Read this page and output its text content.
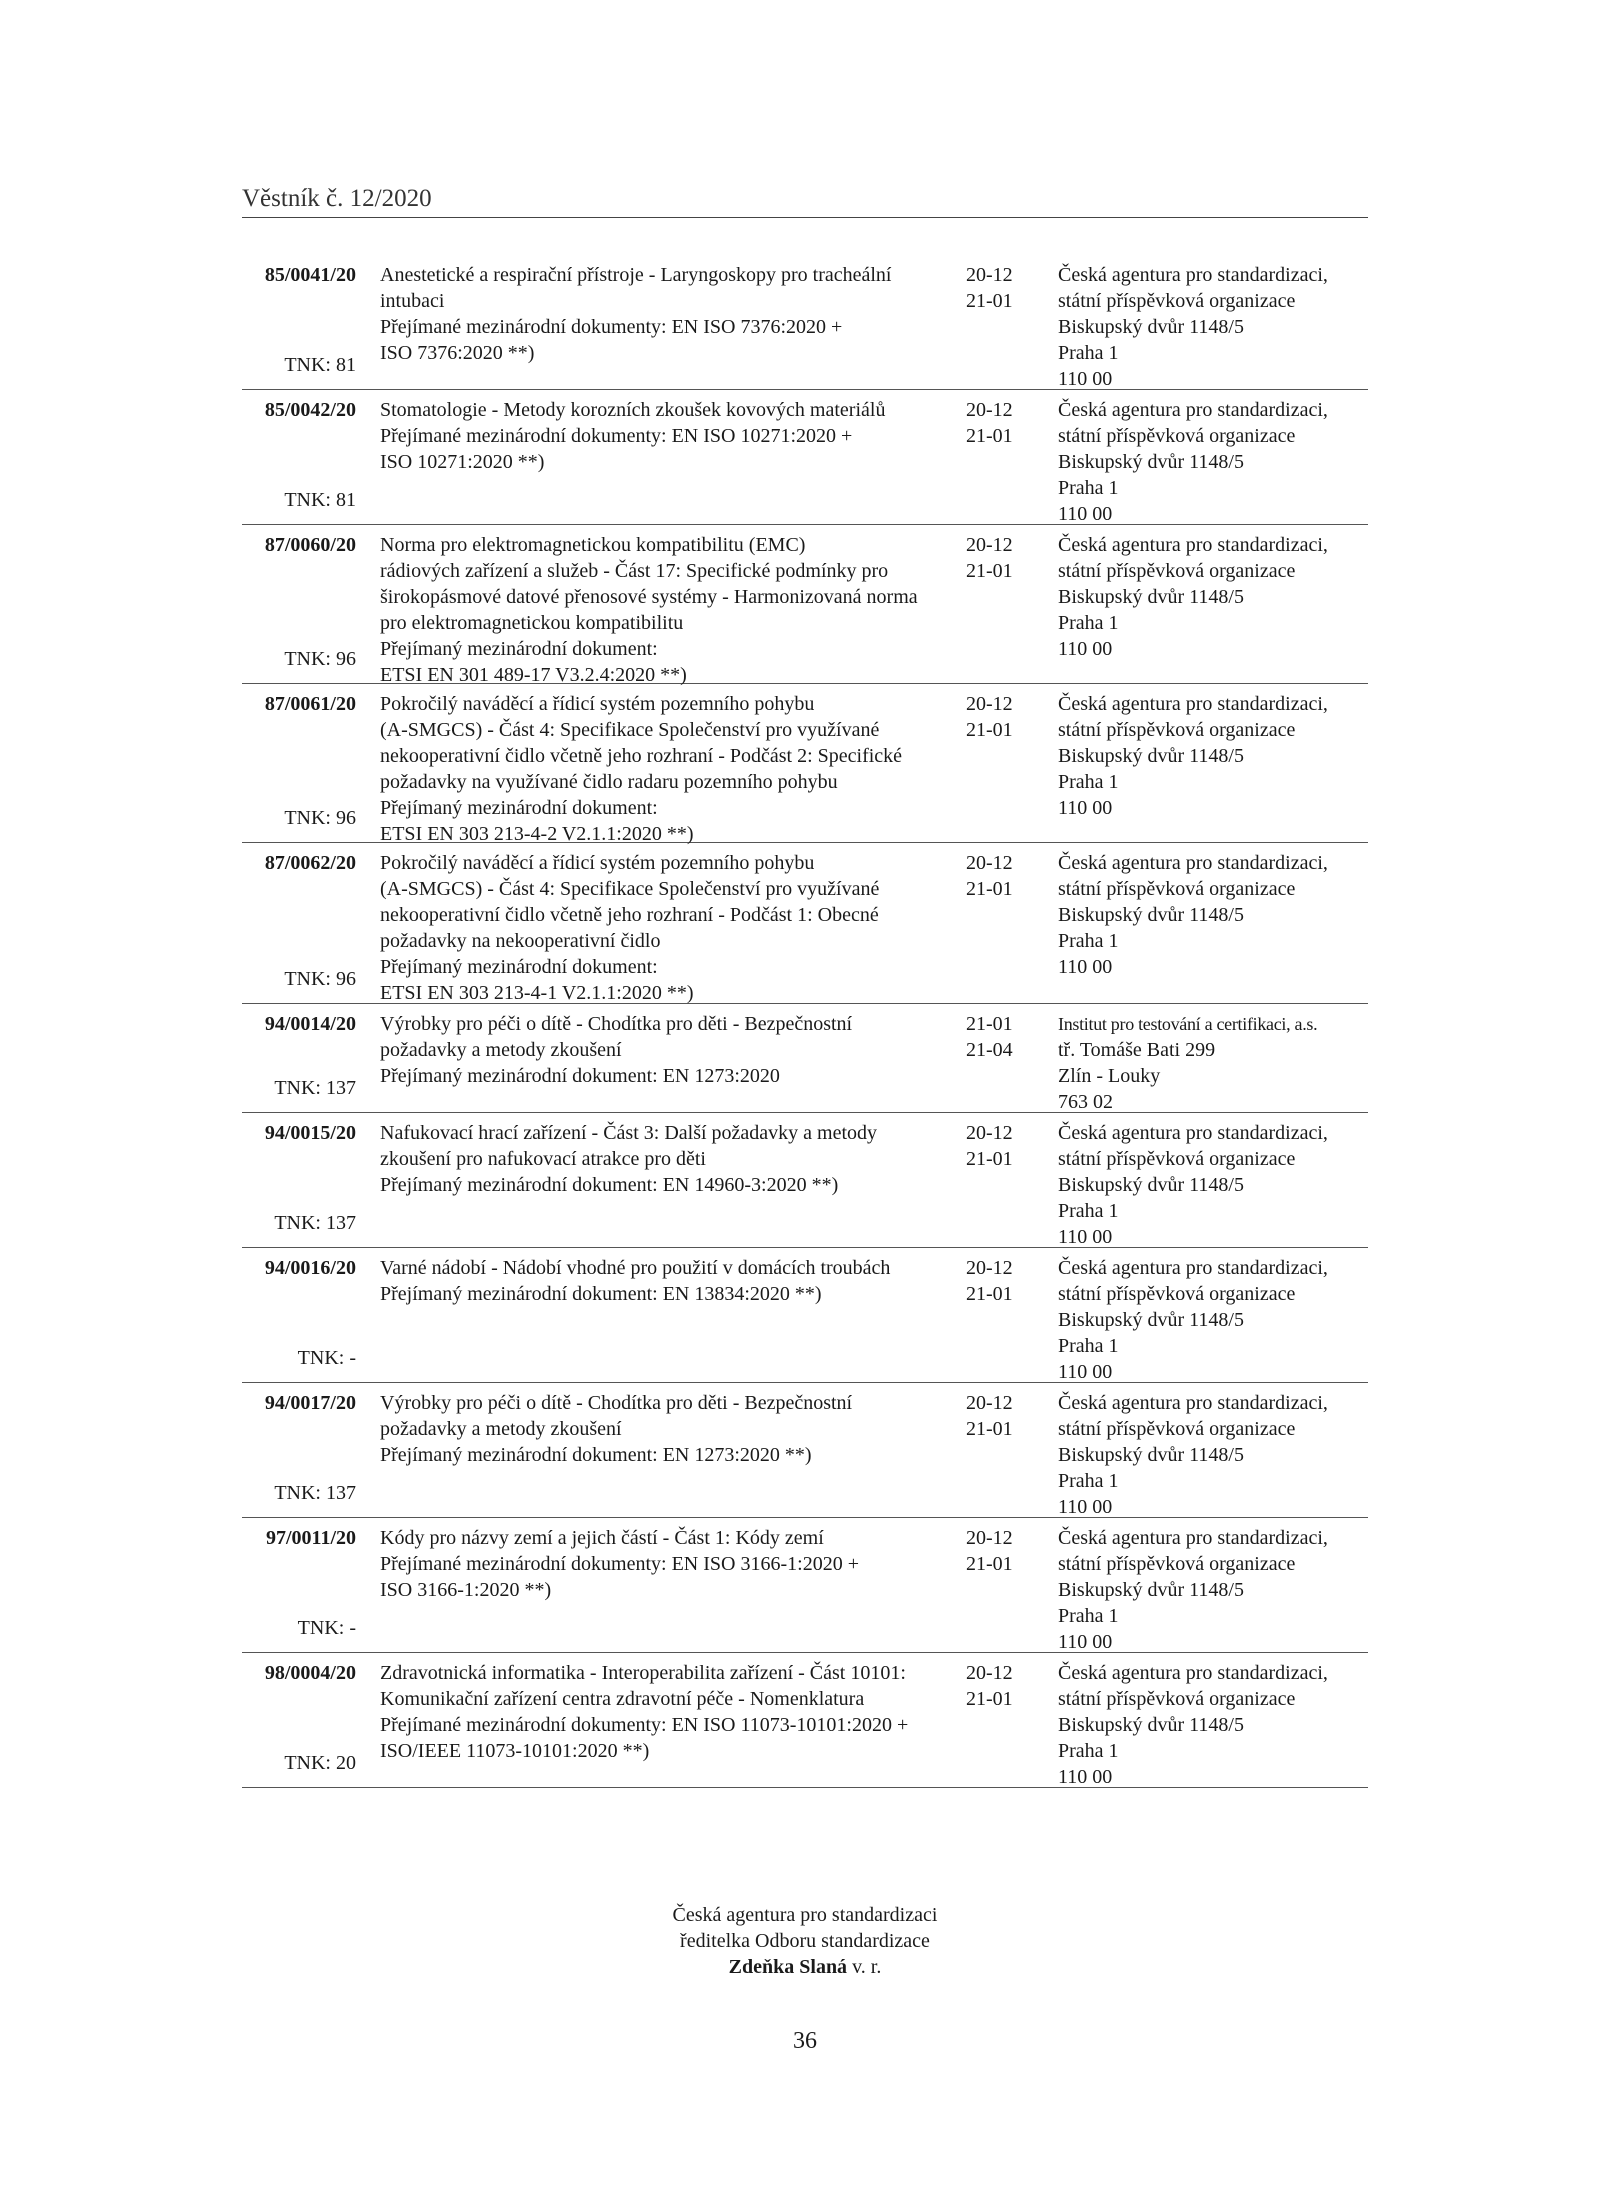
Věstník č. 12/2020
85/0041/20
TNK: 81
Anestetické a respirační přístroje - Laryngoskopy pro tracheální
intubaci
Přejímané mezinárodní dokumenty: EN ISO 7376:2020 +
ISO 7376:2020 **)
20-12
21-01
Česká agentura pro standardizaci,
státní příspěvková organizace
Biskupský dvůr 1148/5
Praha 1
110 00
85/0042/20
TNK: 81
Stomatologie - Metody korozních zkoušek kovových materiálů
Přejímané mezinárodní dokumenty: EN ISO 10271:2020 +
ISO 10271:2020 **)
20-12
21-01
Česká agentura pro standardizaci,
státní příspěvková organizace
Biskupský dvůr 1148/5
Praha 1
110 00
87/0060/20
TNK: 96
Norma pro elektromagnetickou kompatibilitu (EMC)
rádiových zařízení a služeb - Část 17: Specifické podmínky pro
širokopásmové datové přenosové systémy - Harmonizovaná norma
pro elektromagnetickou kompatibilitu
Přejímaný mezinárodní dokument:
ETSI EN 301 489-17 V3.2.4:2020 **)
20-12
21-01
Česká agentura pro standardizaci,
státní příspěvková organizace
Biskupský dvůr 1148/5
Praha 1
110 00
87/0061/20
TNK: 96
Pokročilý naváděcí a řídicí systém pozemního pohybu
(A-SMGCS) - Část 4: Specifikace Společenství pro využívané
nekooperativní čidlo včetně jeho rozhraní - Podčást 2: Specifické
požadavky na využívané čidlo radaru pozemního pohybu
Přejímaný mezinárodní dokument:
ETSI EN 303 213-4-2 V2.1.1:2020 **)
20-12
21-01
Česká agentura pro standardizaci,
státní příspěvková organizace
Biskupský dvůr 1148/5
Praha 1
110 00
87/0062/20
TNK: 96
Pokročilý naváděcí a řídicí systém pozemního pohybu
(A-SMGCS) - Část 4: Specifikace Společenství pro využívané
nekooperativní čidlo včetně jeho rozhraní - Podčást 1: Obecné
požadavky na nekooperativní čidlo
Přejímaný mezinárodní dokument:
ETSI EN 303 213-4-1 V2.1.1:2020 **)
20-12
21-01
Česká agentura pro standardizaci,
státní příspěvková organizace
Biskupský dvůr 1148/5
Praha 1
110 00
94/0014/20
TNK: 137
Výrobky pro péči o dítě - Chodítka pro děti - Bezpečnostní
požadavky a metody zkoušení
Přejímaný mezinárodní dokument: EN 1273:2020
21-01
21-04
Institut pro testování a certifikaci, a.s.
tř. Tomáše Bati 299
Zlín - Louky
763 02
94/0015/20
TNK: 137
Nafukovací hrací zařízení - Část 3: Další požadavky a metody
zkoušení pro nafukovací atrakce pro děti
Přejímaný mezinárodní dokument: EN 14960-3:2020 **)
20-12
21-01
Česká agentura pro standardizaci,
státní příspěvková organizace
Biskupský dvůr 1148/5
Praha 1
110 00
94/0016/20
TNK: -
Varné nádobí - Nádobí vhodné pro použití v domácích troubách
Přejímaný mezinárodní dokument: EN 13834:2020 **)
20-12
21-01
Česká agentura pro standardizaci,
státní příspěvková organizace
Biskupský dvůr 1148/5
Praha 1
110 00
94/0017/20
TNK: 137
Výrobky pro péči o dítě - Chodítka pro děti - Bezpečnostní
požadavky a metody zkoušení
Přejímaný mezinárodní dokument: EN 1273:2020 **)
20-12
21-01
Česká agentura pro standardizaci,
státní příspěvková organizace
Biskupský dvůr 1148/5
Praha 1
110 00
97/0011/20
TNK: -
Kódy pro názvy zemí a jejich částí - Část 1: Kódy zemí
Přejímané mezinárodní dokumenty: EN ISO 3166-1:2020 +
ISO 3166-1:2020 **)
20-12
21-01
Česká agentura pro standardizaci,
státní příspěvková organizace
Biskupský dvůr 1148/5
Praha 1
110 00
98/0004/20
TNK: 20
Zdravotnická informatika - Interoperabilita zařízení - Část 10101:
Komunikační zařízení centra zdravotní péče - Nomenklatura
Přejímané mezinárodní dokumenty: EN ISO 11073-10101:2020 +
ISO/IEEE 11073-10101:2020 **)
20-12
21-01
Česká agentura pro standardizaci,
státní příspěvková organizace
Biskupský dvůr 1148/5
Praha 1
110 00
Česká agentura pro standardizaci
ředitelka Odboru standardizace
Zdeňka Slaná v. r.
36
